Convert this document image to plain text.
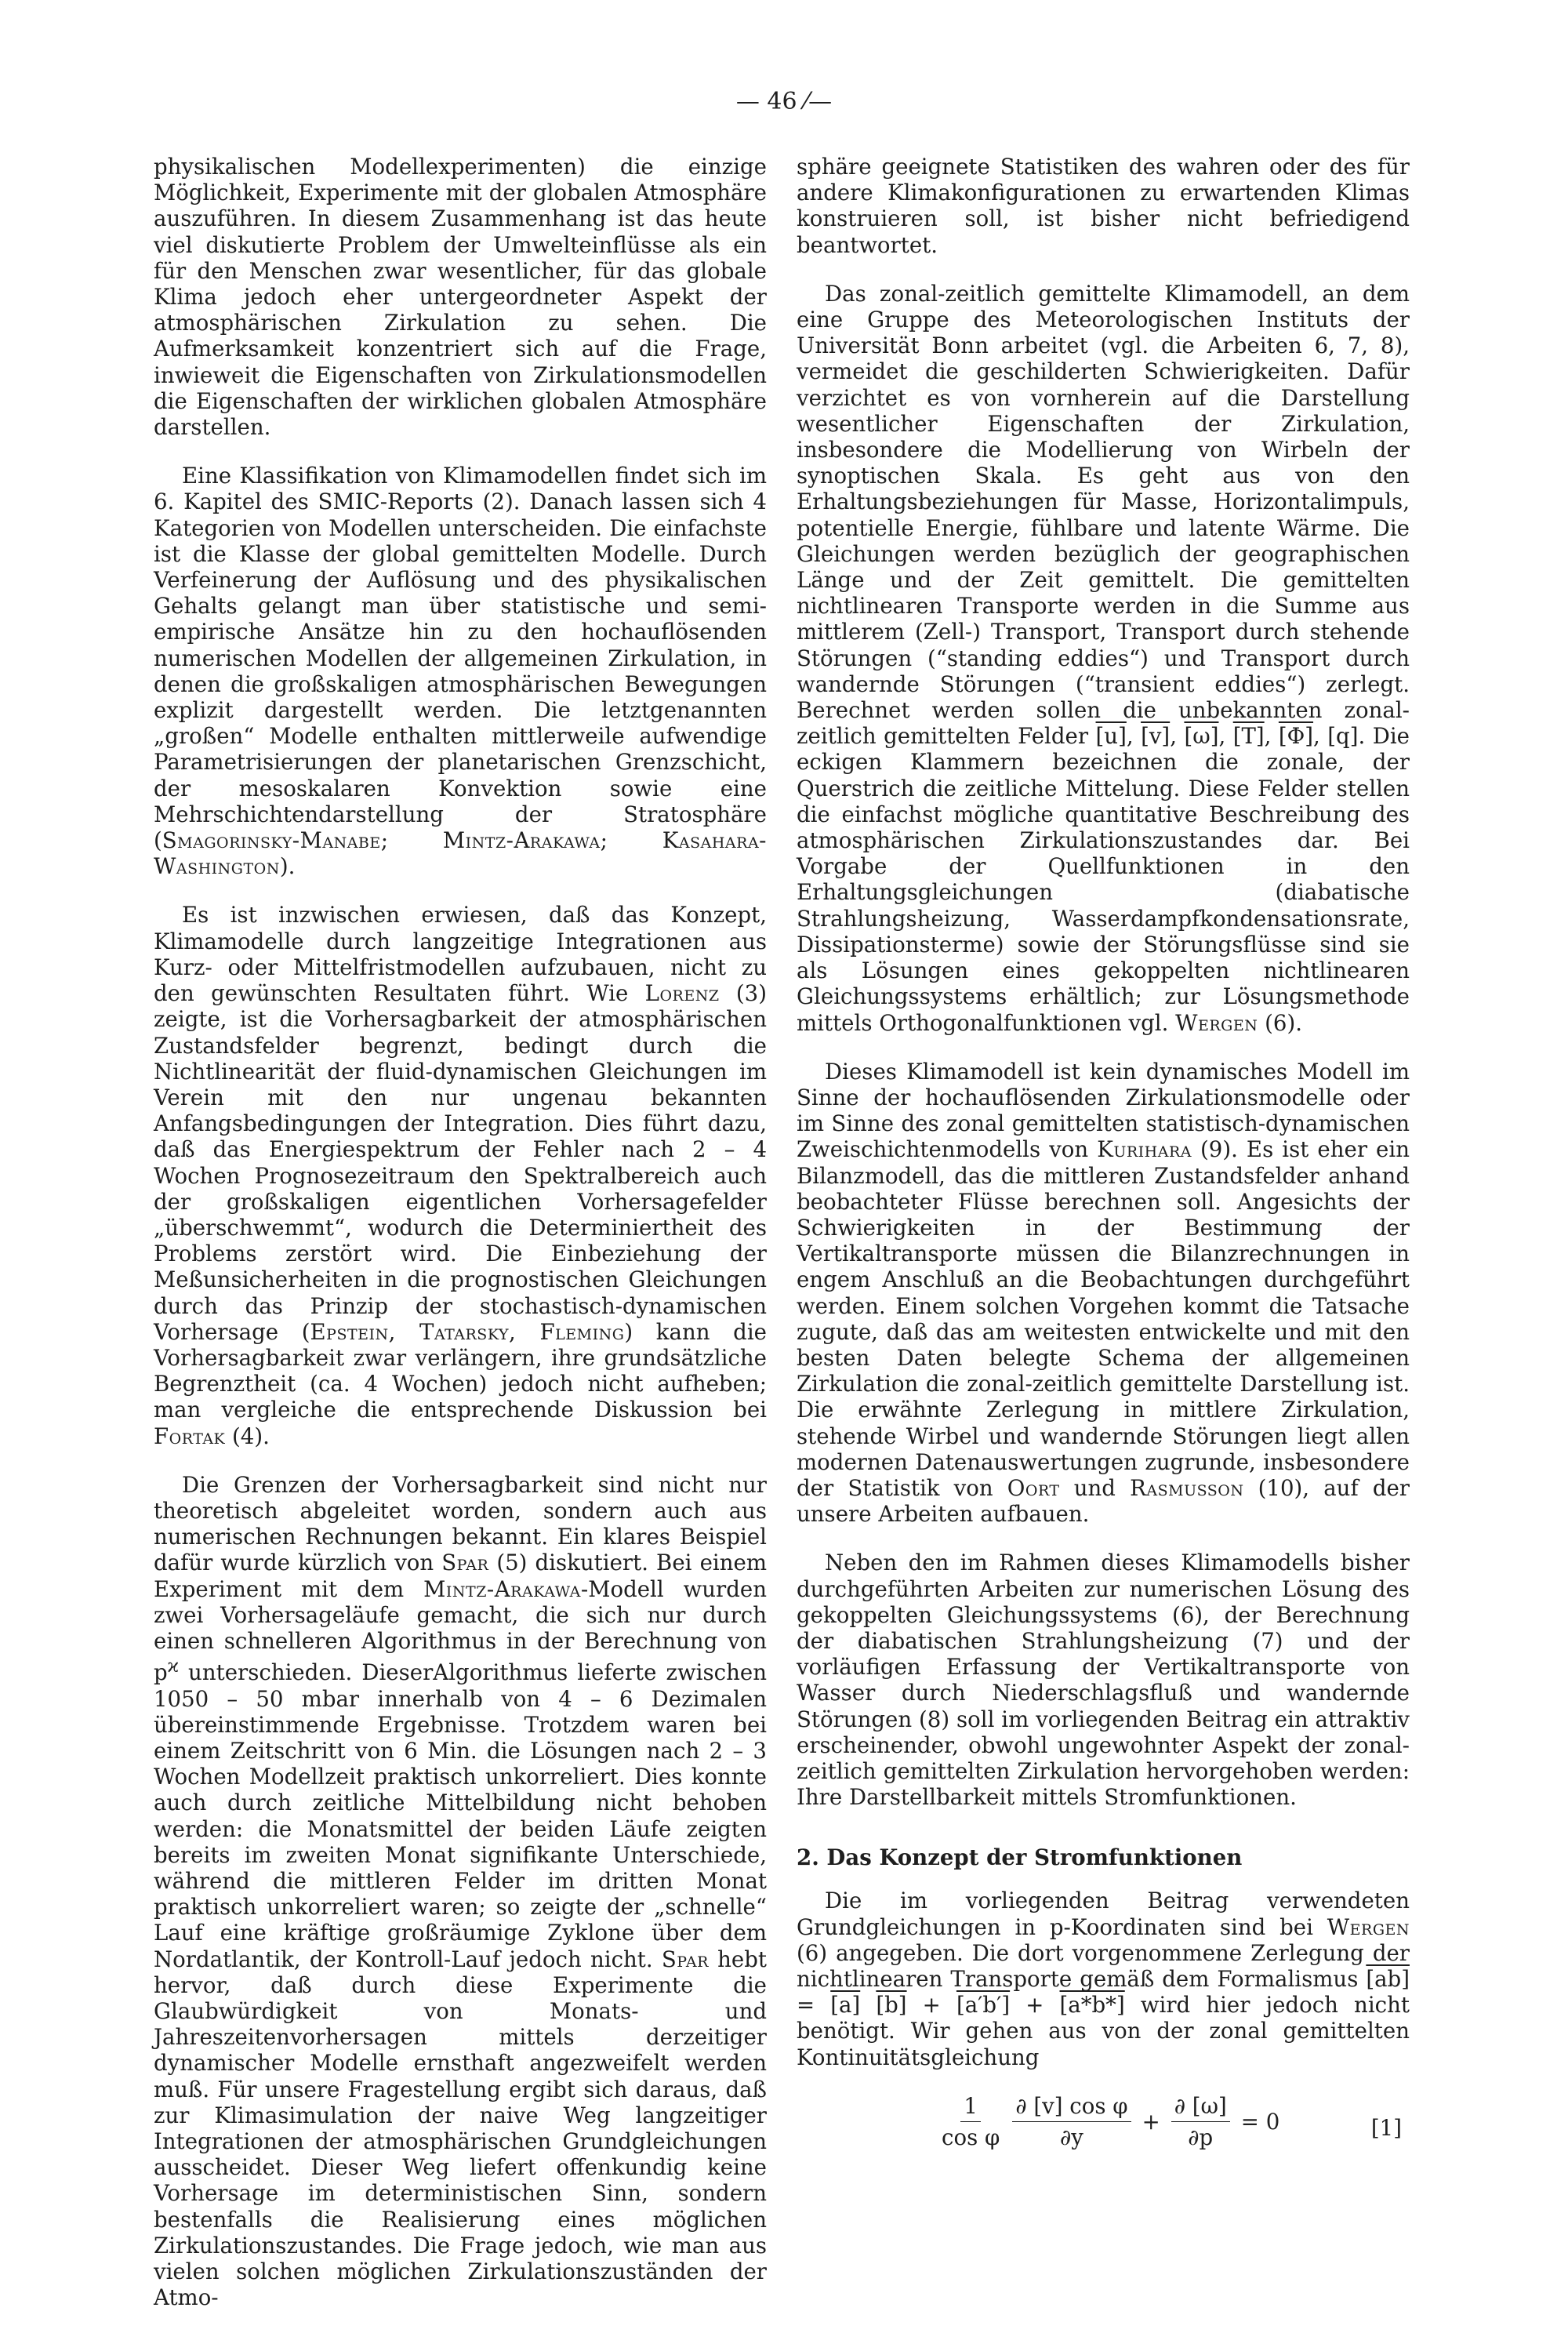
— 46 ⁄—

physikalischen Modellexperimenten) die einzige Möglichkeit, Experimente mit der globalen Atmosphäre auszuführen. In diesem Zusammenhang ist das heute viel diskutierte Problem der Umwelteinflüsse als ein für den Menschen zwar wesentlicher, für das globale Klima jedoch eher untergeordneter Aspekt der atmosphärischen Zirkulation zu sehen. Die Aufmerksamkeit konzentriert sich auf die Frage, inwieweit die Eigenschaften von Zirkulationsmodellen die Eigenschaften der wirklichen globalen Atmosphäre darstellen.

Eine Klassifikation von Klimamodellen findet sich im 6. Kapitel des SMIC-Reports (2). Danach lassen sich 4 Kategorien von Modellen unterscheiden. Die einfachste ist die Klasse der global gemittelten Modelle. Durch Verfeinerung der Auflösung und des physikalischen Gehalts gelangt man über statistische und semi-empirische Ansätze hin zu den hochauflösenden numerischen Modellen der allgemeinen Zirkulation, in denen die großskaligen atmosphärischen Bewegungen explizit dargestellt werden. Die letztgenannten „großen“ Modelle enthalten mittlerweile aufwendige Parametrisierungen der planetarischen Grenzschicht, der mesoskalaren Konvektion sowie eine Mehrschichtendarstellung der Stratosphäre (Smagorinsky-Manabe; Mintz-Arakawa; Kasahara-Washington).

Es ist inzwischen erwiesen, daß das Konzept, Klimamodelle durch langzeitige Integrationen aus Kurz- oder Mittelfristmodellen aufzubauen, nicht zu den gewünschten Resultaten führt. Wie Lorenz (3) zeigte, ist die Vorhersagbarkeit der atmosphärischen Zustandsfelder begrenzt, bedingt durch die Nichtlinearität der fluid-dynamischen Gleichungen im Verein mit den nur ungenau bekannten Anfangsbedingungen der Integration. Dies führt dazu, daß das Energiespektrum der Fehler nach 2 – 4 Wochen Prognosezeitraum den Spektralbereich auch der großskaligen eigentlichen Vorhersagefelder „überschwemmt“, wodurch die Determiniertheit des Problems zerstört wird. Die Einbeziehung der Meßunsicherheiten in die prognostischen Gleichungen durch das Prinzip der stochastisch-dynamischen Vorhersage (Epstein, Tatarsky, Fleming) kann die Vorhersagbarkeit zwar verlängern, ihre grundsätzliche Begrenztheit (ca. 4 Wochen) jedoch nicht aufheben; man vergleiche die entsprechende Diskussion bei Fortak (4).

Die Grenzen der Vorhersagbarkeit sind nicht nur theoretisch abgeleitet worden, sondern auch aus numerischen Rechnungen bekannt. Ein klares Beispiel dafür wurde kürzlich von Spar (5) diskutiert. Bei einem Experiment mit dem Mintz-Arakawa-Modell wurden zwei Vorhersageläufe gemacht, die sich nur durch einen schnelleren Algorithmus in der Berechnung von $p^ϰ$ unterschieden. DieserAlgorithmus lieferte zwischen 1050 – 50 mbar innerhalb von 4 – 6 Dezimalen übereinstimmende Ergebnisse. Trotzdem waren bei einem Zeitschritt von 6 Min. die Lösungen nach 2 – 3 Wochen Modellzeit praktisch unkorreliert. Dies konnte auch durch zeitliche Mittelbildung nicht behoben werden: die Monatsmittel der beiden Läufe zeigten bereits im zweiten Monat signifikante Unterschiede, während die mittleren Felder im dritten Monat praktisch unkorreliert waren; so zeigte der „schnelle“ Lauf eine kräftige großräumige Zyklone über dem Nordatlantik, der Kontroll-Lauf jedoch nicht. Spar hebt hervor, daß durch diese Experimente die Glaubwürdigkeit von Monats- und Jahreszeitenvorhersagen mittels derzeitiger dynamischer Modelle ernsthaft angezweifelt werden muß. Für unsere Fragestellung ergibt sich daraus, daß zur Klimasimulation der naive Weg langzeitiger Integrationen der atmosphärischen Grundgleichungen ausscheidet. Dieser Weg liefert offenkundig keine Vorhersage im deterministischen Sinn, sondern bestenfalls die Realisierung eines möglichen Zirkulationszustandes. Die Frage jedoch, wie man aus vielen solchen möglichen Zirkulationszuständen der Atmo-

sphäre geeignete Statistiken des wahren oder des für andere Klimakonfigurationen zu erwartenden Klimas konstruieren soll, ist bisher nicht befriedigend beantwortet.

Das zonal-zeitlich gemittelte Klimamodell, an dem eine Gruppe des Meteorologischen Instituts der Universität Bonn arbeitet (vgl. die Arbeiten 6, 7, 8), vermeidet die geschilderten Schwierigkeiten. Dafür verzichtet es von vornherein auf die Darstellung wesentlicher Eigenschaften der Zirkulation, insbesondere die Modellierung von Wirbeln der synoptischen Skala. Es geht aus von den Erhaltungsbeziehungen für Masse, Horizontalimpuls, potentielle Energie, fühlbare und latente Wärme. Die Gleichungen werden bezüglich der geographischen Länge und der Zeit gemittelt. Die gemittelten nichtlinearen Transporte werden in die Summe aus mittlerem (Zell-) Transport, Transport durch stehende Störungen (“standing eddies“) und Transport durch wandernde Störungen (“transient eddies“) zerlegt. Berechnet werden sollen die unbekannten zonal-zeitlich gemittelten Felder [u], [v], [ω], [T], [Φ], [q]. Die eckigen Klammern bezeichnen die zonale, der Querstrich die zeitliche Mittelung. Diese Felder stellen die einfachst mögliche quantitative Beschreibung des atmosphärischen Zirkulationszustandes dar. Bei Vorgabe der Quellfunktionen in den Erhaltungsgleichungen (diabatische Strahlungsheizung, Wasserdampfkondensationsrate, Dissipationsterme) sowie der Störungsflüsse sind sie als Lösungen eines gekoppelten nichtlinearen Gleichungssystems erhältlich; zur Lösungsmethode mittels Orthogonalfunktionen vgl. Wergen (6).

Dieses Klimamodell ist kein dynamisches Modell im Sinne der hochauflösenden Zirkulationsmodelle oder im Sinne des zonal gemittelten statistisch-dynamischen Zweischichtenmodells von Kurihara (9). Es ist eher ein Bilanzmodell, das die mittleren Zustandsfelder anhand beobachteter Flüsse berechnen soll. Angesichts der Schwierigkeiten in der Bestimmung der Vertikaltransporte müssen die Bilanzrechnungen in engem Anschluß an die Beobachtungen durchgeführt werden. Einem solchen Vorgehen kommt die Tatsache zugute, daß das am weitesten entwickelte und mit den besten Daten belegte Schema der allgemeinen Zirkulation die zonal-zeitlich gemittelte Darstellung ist. Die erwähnte Zerlegung in mittlere Zirkulation, stehende Wirbel und wandernde Störungen liegt allen modernen Datenauswertungen zugrunde, insbesondere der Statistik von Oort und Rasmusson (10), auf der unsere Arbeiten aufbauen.

Neben den im Rahmen dieses Klimamodells bisher durchgeführten Arbeiten zur numerischen Lösung des gekoppelten Gleichungssystems (6), der Berechnung der diabatischen Strahlungsheizung (7) und der vorläufigen Erfassung der Vertikaltransporte von Wasser durch Niederschlagsfluß und wandernde Störungen (8) soll im vorliegenden Beitrag ein attraktiv erscheinender, obwohl ungewohnter Aspekt der zonal-zeitlich gemittelten Zirkulation hervorgehoben werden: Ihre Darstellbarkeit mittels Stromfunktionen.

2. Das Konzept der Stromfunktionen

Die im vorliegenden Beitrag verwendeten Grundgleichungen in p-Koordinaten sind bei Wergen (6) angegeben. Die dort vorgenommene Zerlegung der nichtlinearen Transporte gemäß dem Formalismus [ab] = [a] [b] + [a′b′] + [a*b*] wird hier jedoch nicht benötigt. Wir gehen aus von der zonal gemittelten Kontinuitätsgleichung

$\frac{1}{\text{cos φ}} \frac{\text{∂ [v] cos φ}}{\partial y} + \frac{\partial [\omega]}{\partial p} = 0$	[1]
